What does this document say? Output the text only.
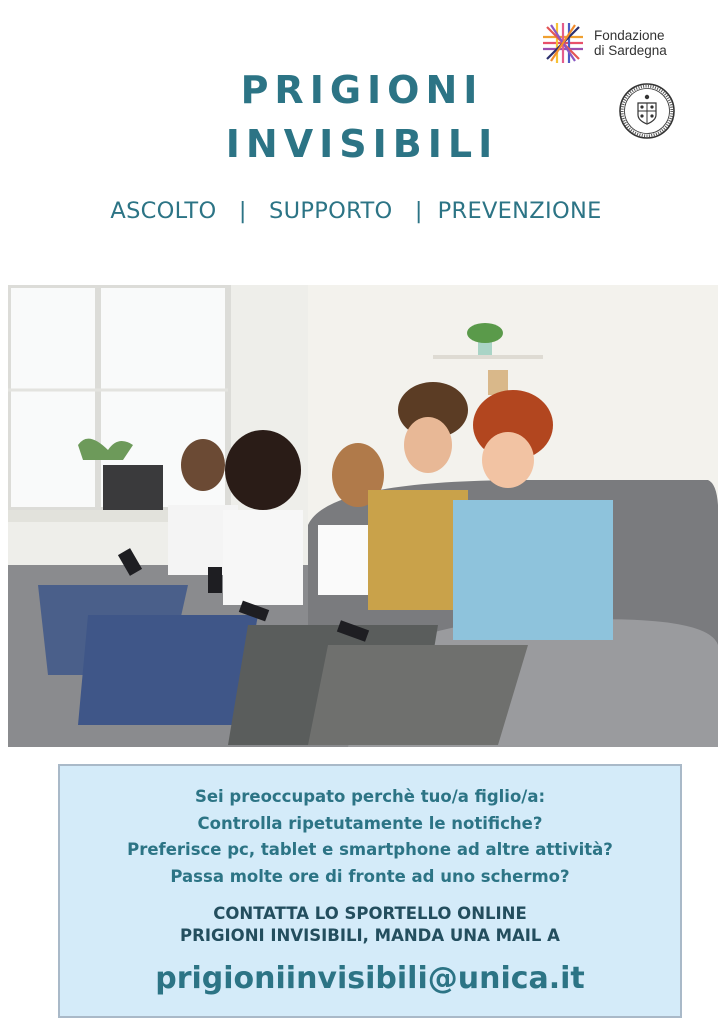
Fondazione
di Sardegna
PRIGIONI
INVISIBILI
ASCOLTO   |   SUPPORTO   |  PREVENZIONE
Sei preoccupato perchè tuo/a figlio/a:
Controlla ripetutamente le notifiche?
Preferisce pc, tablet e smartphone ad altre attività?
Passa molte ore di fronte ad uno schermo?
CONTATTA LO SPORTELLO ONLINE
PRIGIONI INVISIBILI, MANDA UNA MAIL A
prigioniinvisibili@unica.it
